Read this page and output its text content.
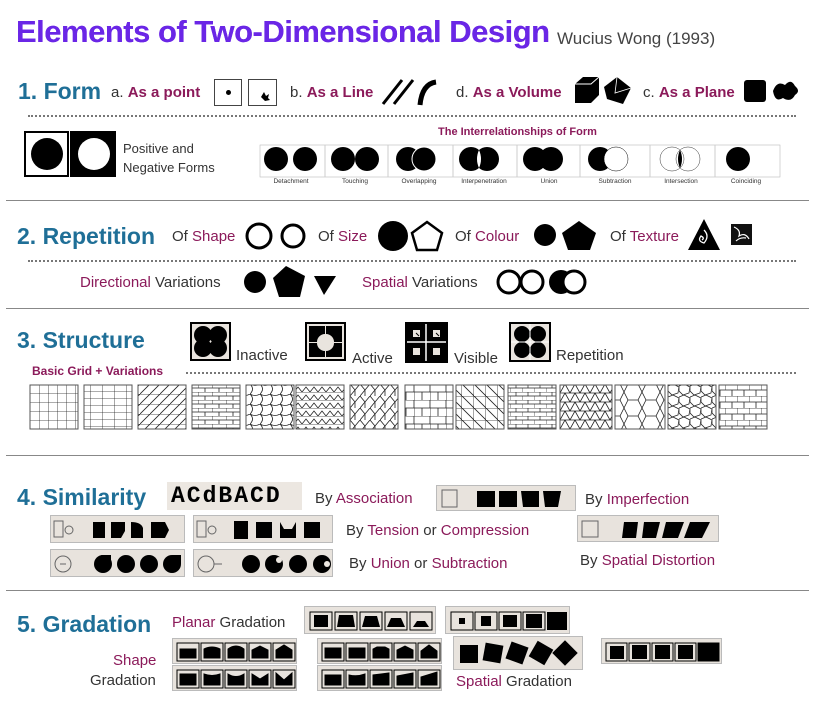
Elements of Two-Dimensional Design Wucius Wong (1993)
1. Form a. As a point	b. As a Line	d. As a Volume	c. As a Plane
Positive and
Negative Forms
The Interrelationships of Form
Detachment	Touching	Overlapping	Interpenetration	Union	Subtraction	Intersection	Coinciding
2. Repetition Of Shape	Of Size	Of Colour	Of Texture
Directional Variations	Spatial Variations
3. Structure
Inactive	Active	Visible	Repetition
Basic Grid + Variations
4. Similarity ACdBACD	By Association	By Imperfection
By Tension or Compression
By Spatial Distortion
By Union or Subtraction
5. Gradation Planar Gradation
Shape
Gradation	Spatial Gradation
